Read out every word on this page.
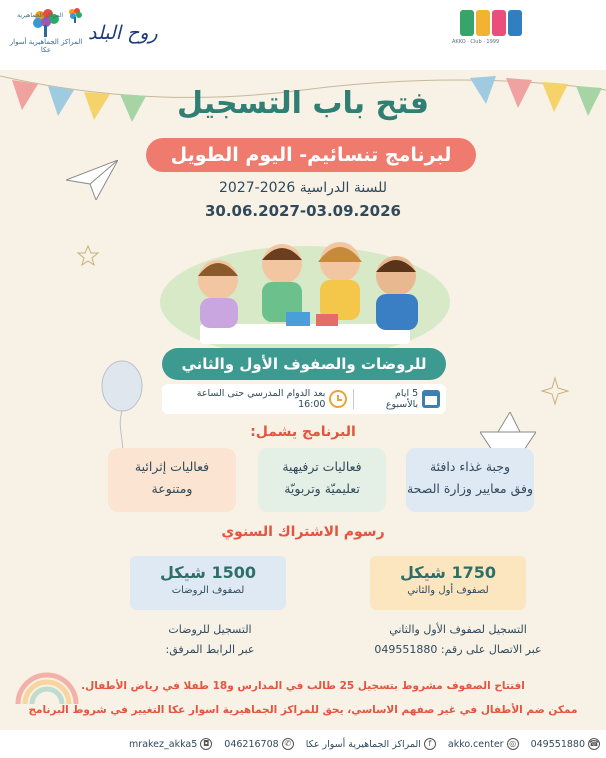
المراكز الجماهيرية أسوار عكا
روح البلد	AKKO · Club · 1999
فتح باب التسجيل
لبرنامج تنسائيم- اليوم الطويل
للسنة الدراسية 2026-2027
30.06.2027-03.09.2026
للروضات والصفوف الأول والثاني
5 ايام بالأسبوع
بعد الدوام المدرسي حتى الساعة 16:00
البرنامج يشمل:
وجبة غذاء دافئة
وفق معايير وزارة الصحة
فعاليات ترفيهية
تعليميّة وتربويّة
فعاليات إثرائية
ومتنوعة
رسوم الاشتراك السنوي
1750 شيكل
لصفوف أول والثاني
1500 شيكل
لصفوف الروضات
التسجيل لصفوف الأول والثاني
عبر الاتصال على رقم: 049551880
التسجيل للروضات
عبر الرابط المرفق:
افتتاح الصفوف مشروط بتسجيل 25 طالب في المدارس و18 طفلا في رياض الأطفال.
ممكن ضم الأطفال في غير صفهم الاساسي، يحق للمراكز الجماهيرية اسوار عكا التغيير في شروط البرنامج
☎
049551880
◎
akko.center
f
المراكز الجماهيرية أسوار عكا
✆
046216708
◘
mrakez_akka5
المراكز الجماهيرية
